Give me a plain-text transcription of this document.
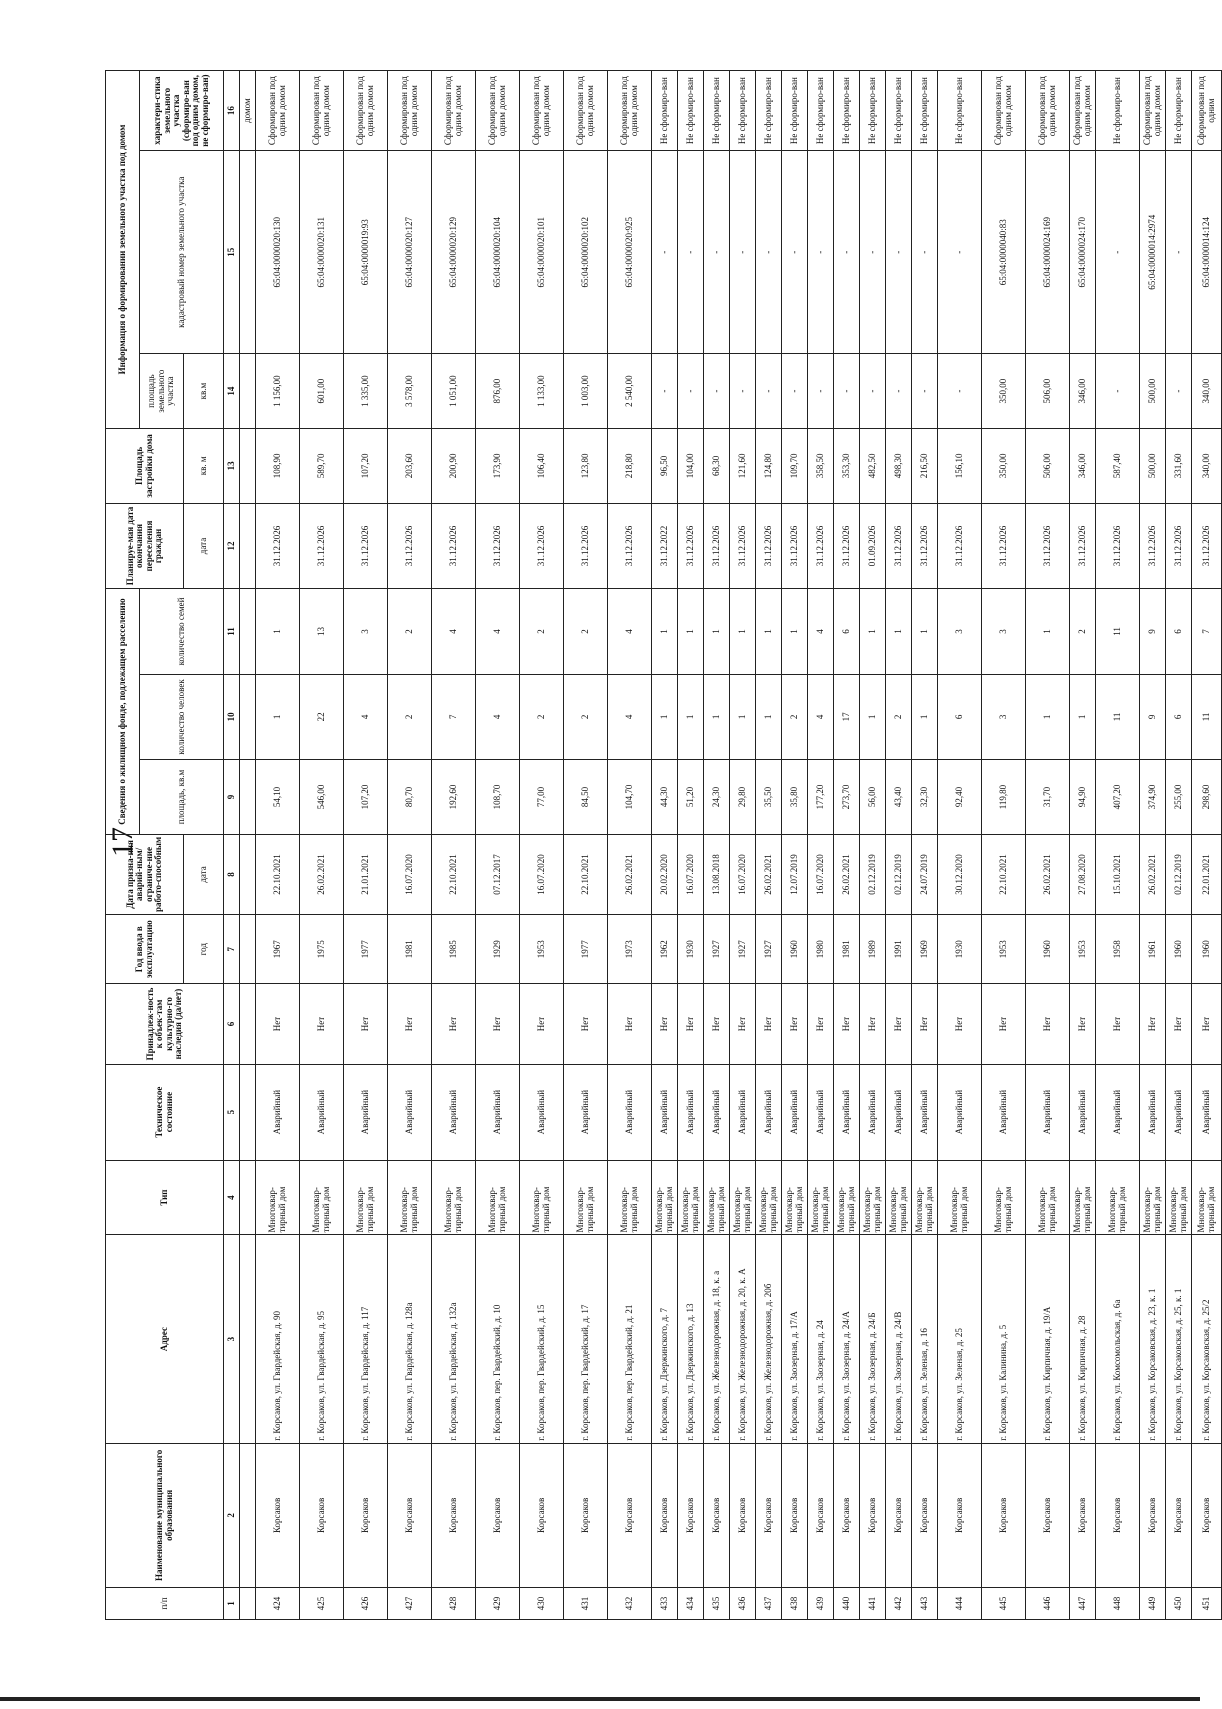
17
п/п	Наименование муниципального образования	Адрес	Тип	Техническое состояние	Принадлеж-ность к объек-там культурно-го наследия (да/нет)	Год ввода в эксплуатацию	Дата призна-ния аварий-ным/ограниче-ние работо-способным	Сведения о жилищном фонде, подлежащем расселению			Планируе-мая дата окончания переселения граждан	Площадь застройки дома	Информация о формировании земельного участка под домом		
								площадь, кв.м	количество человек	количество семей			площадь земельного участка	кадастровый номер земельного участка	характери-стика земельного участка (сформиро-ван под одним домом, не сформиро-ван)
						год	дата				дата	кв. м	кв.м		
1	2	3	4	5	6	7	8	9	10	11	12	13	14	15	16
															домом
424	Корсаков	г. Корсаков, ул. Гвардейская, д. 90	Многоквар-тирный дом	Аварийный	Нет	1967	22.10.2021	54,10	1	1	31.12.2026	108,90	1 156,00	65:04:0000020:130	Сформирован под одним домом
425	Корсаков	г. Корсаков, ул. Гвардейская, д. 95	Многоквар-тирный дом	Аварийный	Нет	1975	26.02.2021	546,00	22	13	31.12.2026	589,70	601,00	65:04:0000020:131	Сформирован под одним домом
426	Корсаков	г. Корсаков, ул. Гвардейская, д. 117	Многоквар-тирный дом	Аварийный	Нет	1977	21.01.2021	107,20	4	3	31.12.2026	107,20	1 335,00	65:04:0000019:93	Сформирован под одним домом
427	Корсаков	г. Корсаков, ул. Гвардейская, д. 128а	Многоквар-тирный дом	Аварийный	Нет	1981	16.07.2020	80,70	2	2	31.12.2026	203,60	3 578,00	65:04:0000020:127	Сформирован под одним домом
428	Корсаков	г. Корсаков, ул. Гвардейская, д. 132а	Многоквар-тирный дом	Аварийный	Нет	1985	22.10.2021	192,60	7	4	31.12.2026	200,90	1 051,00	65:04:0000020:129	Сформирован под одним домом
429	Корсаков	г. Корсаков, пер. Гвардейский, д. 10	Многоквар-тирный дом	Аварийный	Нет	1929	07.12.2017	108,70	4	4	31.12.2026	173,90	876,00	65:04:0000020:104	Сформирован под одним домом
430	Корсаков	г. Корсаков, пер. Гвардейский, д. 15	Многоквар-тирный дом	Аварийный	Нет	1953	16.07.2020	77,00	2	2	31.12.2026	106,40	1 133,00	65:04:0000020:101	Сформирован под одним домом
431	Корсаков	г. Корсаков, пер. Гвардейский, д. 17	Многоквар-тирный дом	Аварийный	Нет	1977	22.10.2021	84,50	2	2	31.12.2026	123,80	1 003,00	65:04:0000020:102	Сформирован под одним домом
432	Корсаков	г. Корсаков, пер. Гвардейский, д. 21	Многоквар-тирный дом	Аварийный	Нет	1973	26.02.2021	104,70	4	4	31.12.2026	218,80	2 540,00	65:04:0000020:925	Сформирован под одним домом
433	Корсаков	г. Корсаков, ул. Дзержинского, д. 7	Многоквар-тирный дом	Аварийный	Нет	1962	20.02.2020	44,30	1	1	31.12.2022	96,50	-	-	Не сформиро-ван
434	Корсаков	г. Корсаков, ул. Дзержинского, д. 13	Многоквар-тирный дом	Аварийный	Нет	1930	16.07.2020	51,20	1	1	31.12.2026	104,00	-	-	Не сформиро-ван
435	Корсаков	г. Корсаков, ул. Железнодорожная, д. 18, к. а	Многоквар-тирный дом	Аварийный	Нет	1927	13.08.2018	24,30	1	1	31.12.2026	68,30	-	-	Не сформиро-ван
436	Корсаков	г. Корсаков, ул. Железнодорожная, д. 20, к. А	Многоквар-тирный дом	Аварийный	Нет	1927	16.07.2020	29,80	1	1	31.12.2026	121,60	-	-	Не сформиро-ван
437	Корсаков	г. Корсаков, ул. Железнодорожная, д. 20б	Многоквар-тирный дом	Аварийный	Нет	1927	26.02.2021	35,50	1	1	31.12.2026	124,80	-	-	Не сформиро-ван
438	Корсаков	г. Корсаков, ул. Заозерная, д. 17/А	Многоквар-тирный дом	Аварийный	Нет	1960	12.07.2019	35,80	2	1	31.12.2026	109,70	-	-	Не сформиро-ван
439	Корсаков	г. Корсаков, ул. Заозерная, д. 24	Многоквар-тирный дом	Аварийный	Нет	1980	16.07.2020	177,20	4	4	31.12.2026	358,50	-	-	Не сформиро-ван
440	Корсаков	г. Корсаков, ул. Заозерная, д. 24/А	Многоквар-тирный дом	Аварийный	Нет	1981	26.02.2021	273,70	17	6	31.12.2026	353,30	-	-	Не сформиро-ван
441	Корсаков	г. Корсаков, ул. Заозерная, д. 24/Б	Многоквар-тирный дом	Аварийный	Нет	1989	02.12.2019	56,00	1	1	01.09.2026	482,50	-	-	Не сформиро-ван
442	Корсаков	г. Корсаков, ул. Заозерная, д. 24/В	Многоквар-тирный дом	Аварийный	Нет	1991	02.12.2019	43,40	2	1	31.12.2026	498,30	-	-	Не сформиро-ван
443	Корсаков	г. Корсаков, ул. Зеленая, д. 16	Многоквар-тирный дом	Аварийный	Нет	1969	24.07.2019	32,30	1	1	31.12.2026	216,50	-	-	Не сформиро-ван
444	Корсаков	г. Корсаков, ул. Зеленая, д. 25	Многоквар-тирный дом	Аварийный	Нет	1930	30.12.2020	92,40	6	3	31.12.2026	156,10	-	-	Не сформиро-ван
445	Корсаков	г. Корсаков, ул. Калинина, д. 5	Многоквар-тирный дом	Аварийный	Нет	1953	22.10.2021	119,80	3	3	31.12.2026	350,00	350,00	65:04:0000040:83	Сформирован под одним домом
446	Корсаков	г. Корсаков, ул. Кирпичная, д. 19/А	Многоквар-тирный дом	Аварийный	Нет	1960	26.02.2021	31,70	1	1	31.12.2026	506,00	506,00	65:04:0000024:169	Сформирован под одним домом
447	Корсаков	г. Корсаков, ул. Кирпичная, д. 28	Многоквар-тирный дом	Аварийный	Нет	1953	27.08.2020	94,90	1	2	31.12.2026	346,00	346,00	65:04:0000024:170	Сформирован под одним домом
448	Корсаков	г. Корсаков, ул. Комсомольская, д. 6а	Многоквар-тирный дом	Аварийный	Нет	1958	15.10.2021	407,20	11	11	31.12.2026	587,40	-	-	Не сформиро-ван
449	Корсаков	г. Корсаков, ул. Корсаковская, д. 23, к. 1	Многоквар-тирный дом	Аварийный	Нет	1961	26.02.2021	374,90	9	9	31.12.2026	500,00	500,00	65:04:0000014:2974	Сформирован под одним домом
450	Корсаков	г. Корсаков, ул. Корсаковская, д. 25, к. 1	Многоквар-тирный дом	Аварийный	Нет	1960	02.12.2019	255,00	6	6	31.12.2026	331,60	-	-	Не сформиро-ван
451	Корсаков	г. Корсаков, ул. Корсаковская, д. 25/2	Многоквар-тирный дом	Аварийный	Нет	1960	22.01.2021	298,60	11	7	31.12.2026	340,00	340,00	65:04:0000014:124	Сформирован под одним
